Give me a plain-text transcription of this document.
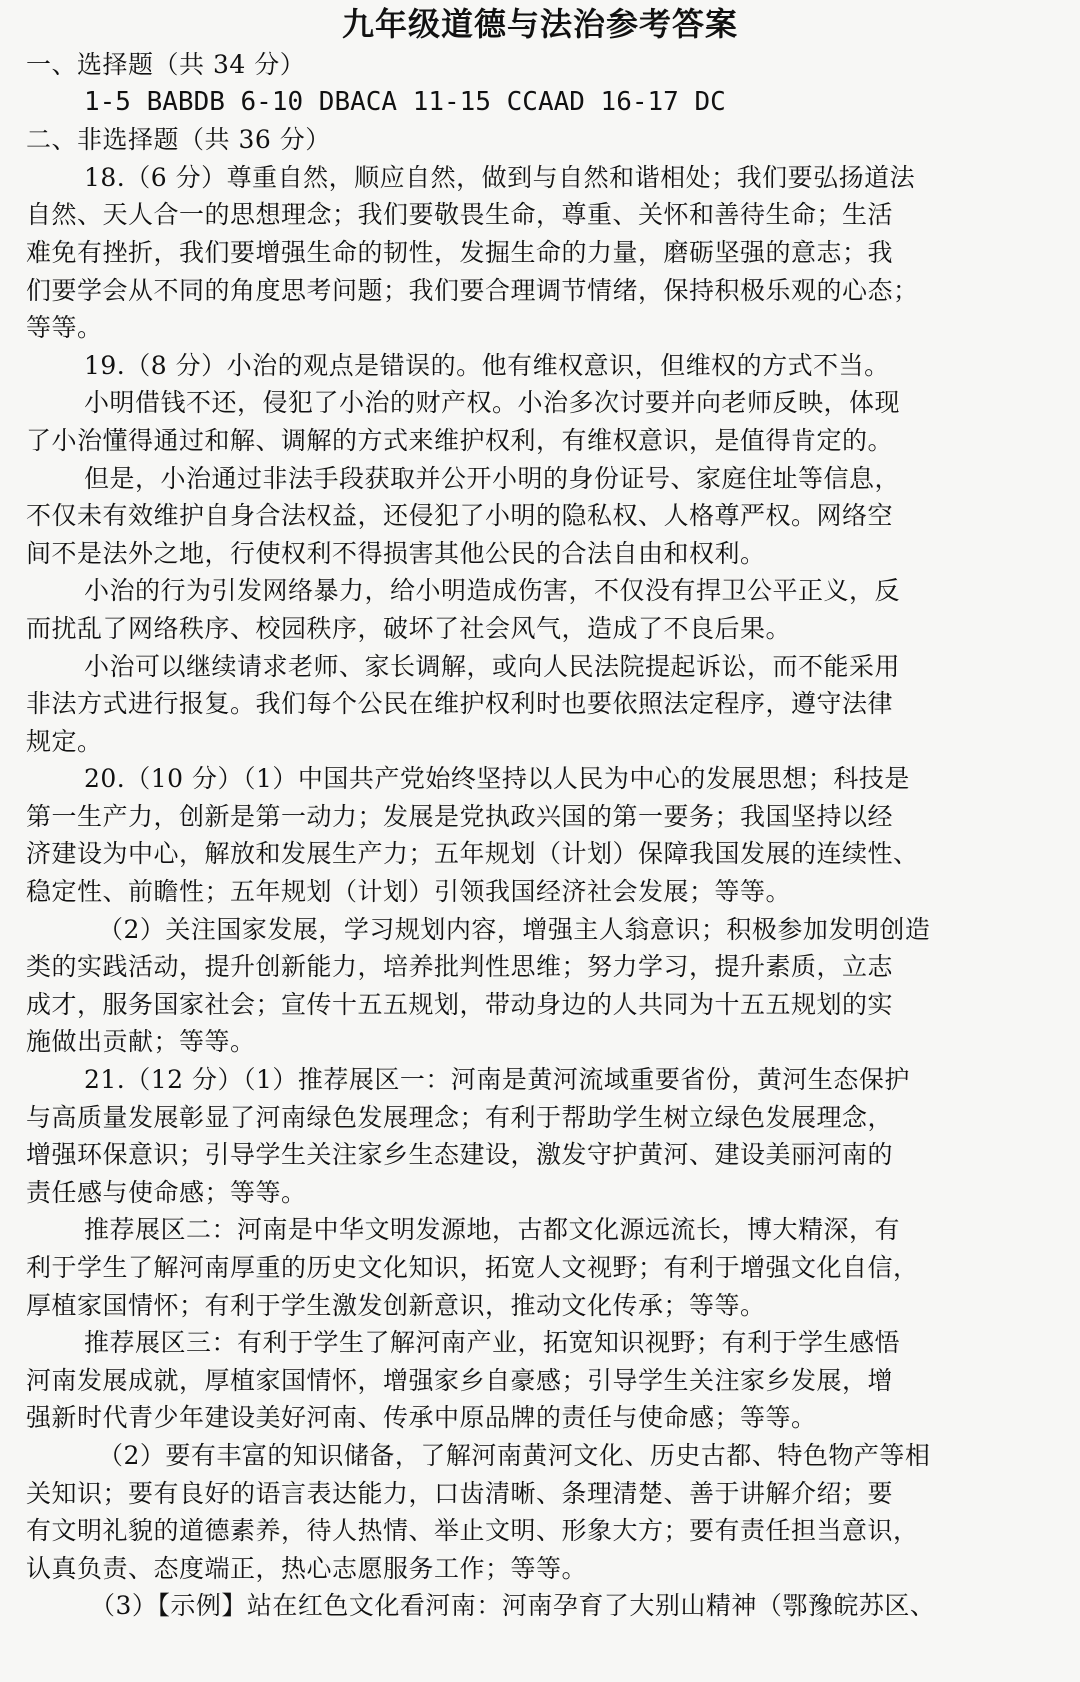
九年级道德与法治参考答案

一、选择题（共 34 分）

1-5 BABDB 6-10 DBACA 11-15 CCAAD 16-17 DC

二、非选择题（共 36 分）

18.（6 分）尊重自然，顺应自然，做到与自然和谐相处；我们要弘扬道法

自然、天人合一的思想理念；我们要敬畏生命，尊重、关怀和善待生命；生活

难免有挫折，我们要增强生命的韧性，发掘生命的力量，磨砺坚强的意志；我

们要学会从不同的角度思考问题；我们要合理调节情绪，保持积极乐观的心态；

等等。

19.（8 分）小治的观点是错误的。他有维权意识，但维权的方式不当。

小明借钱不还，侵犯了小治的财产权。小治多次讨要并向老师反映，体现

了小治懂得通过和解、调解的方式来维护权利，有维权意识，是值得肯定的。

但是，小治通过非法手段获取并公开小明的身份证号、家庭住址等信息，

不仅未有效维护自身合法权益，还侵犯了小明的隐私权、人格尊严权。网络空

间不是法外之地，行使权利不得损害其他公民的合法自由和权利。

小治的行为引发网络暴力，给小明造成伤害，不仅没有捍卫公平正义，反

而扰乱了网络秩序、校园秩序，破坏了社会风气，造成了不良后果。

小治可以继续请求老师、家长调解，或向人民法院提起诉讼，而不能采用

非法方式进行报复。我们每个公民在维护权利时也要依照法定程序，遵守法律

规定。

20.（10 分）（1）中国共产党始终坚持以人民为中心的发展思想；科技是

第一生产力，创新是第一动力；发展是党执政兴国的第一要务；我国坚持以经

济建设为中心，解放和发展生产力；五年规划（计划）保障我国发展的连续性、

稳定性、前瞻性；五年规划（计划）引领我国经济社会发展；等等。

（2）关注国家发展，学习规划内容，增强主人翁意识；积极参加发明创造

类的实践活动，提升创新能力，培养批判性思维；努力学习，提升素质，立志

成才，服务国家社会；宣传十五五规划，带动身边的人共同为十五五规划的实

施做出贡献；等等。

21.（12 分）（1）推荐展区一：河南是黄河流域重要省份，黄河生态保护

与高质量发展彰显了河南绿色发展理念；有利于帮助学生树立绿色发展理念，

增强环保意识；引导学生关注家乡生态建设，激发守护黄河、建设美丽河南的

责任感与使命感；等等。

推荐展区二：河南是中华文明发源地，古都文化源远流长，博大精深，有

利于学生了解河南厚重的历史文化知识，拓宽人文视野；有利于增强文化自信，

厚植家国情怀；有利于学生激发创新意识，推动文化传承；等等。

推荐展区三：有利于学生了解河南产业，拓宽知识视野；有利于学生感悟

河南发展成就，厚植家国情怀，增强家乡自豪感；引导学生关注家乡发展，增

强新时代青少年建设美好河南、传承中原品牌的责任与使命感；等等。

（2）要有丰富的知识储备，了解河南黄河文化、历史古都、特色物产等相

关知识；要有良好的语言表达能力，口齿清晰、条理清楚、善于讲解介绍；要

有文明礼貌的道德素养，待人热情、举止文明、形象大方；要有责任担当意识，

认真负责、态度端正，热心志愿服务工作；等等。

（3）【示例】站在红色文化看河南：河南孕育了大别山精神（鄂豫皖苏区、
